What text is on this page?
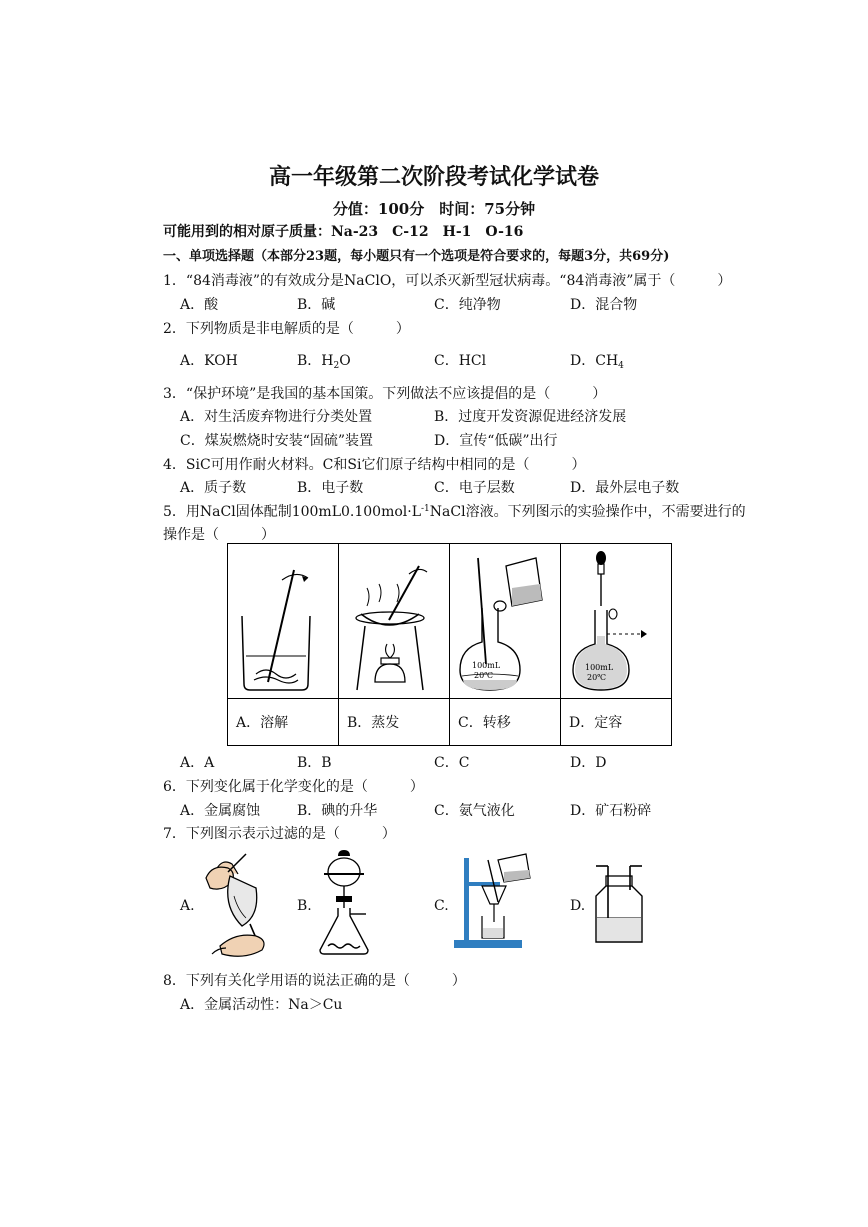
高一年级第二次阶段考试化学试卷
分值：100分　时间：75分钟
可能用到的相对原子质量：Na-23　C-12　H-1　O-16
一、单项选择题（本部分23题，每小题只有一个选项是符合要求的，每题3分，共69分)
1．“84消毒液”的有效成分是NaClO，可以杀灭新型冠状病毒。“84消毒液”属于（　　　）
A．酸	B．碱	C．纯净物	D．混合物
2．下列物质是非电解质的是（　　　）
A．KOH	B．$H_2O$	C．HCl	D．$CH_4$
3．“保护环境”是我国的基本国策。下列做法不应该提倡的是（　　　）
A．对生活废弃物进行分类处置	B．过度开发资源促进经济发展
C．煤炭燃烧时安装“固硫”装置	D．宣传“低碳”出行
4．SiC可用作耐火材料。C和Si它们原子结构中相同的是（　　　）
A．质子数	B．电子数	C．电子层数	D．最外层电子数
5．用NaCl固体配制$100mL0.100mol\cdot L^{-1}NaCl$溶液。下列图示的实验操作中，不需要进行的
操作是（　　　）

100mL
20℃	100mL
20℃

A．溶解	B．蒸发	C．转移	D．定容
A．A	B．B	C．C	D．D
6．下列变化属于化学变化的是（　　　）
A．金属腐蚀	B．碘的升华	C．氨气液化	D．矿石粉碎
7．下列图示表示过滤的是（　　　）
A.	B.	C.	D.
8．下列有关化学用语的说法正确的是（　　　）
A．金属活动性：Na＞Cu
